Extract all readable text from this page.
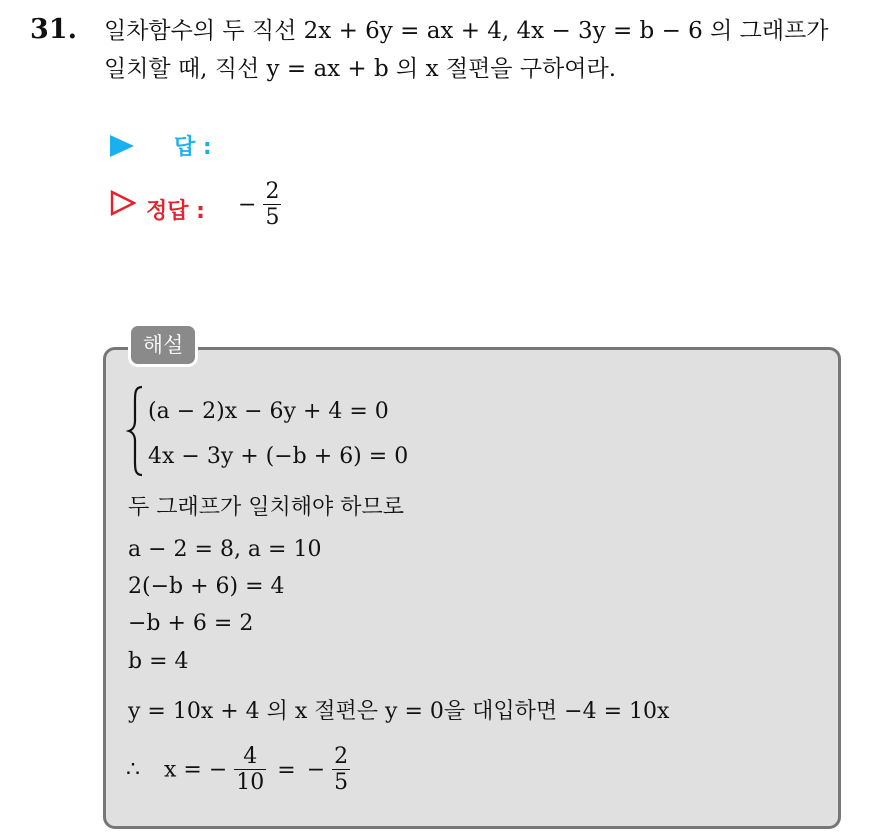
31. 일차함수의 두 직선 2x + 6y = ax + 4, 4x − 3y = b − 6 의 그래프가
일치할 때, 직선 y = ax + b 의 x 절편을 구하여라.
답 :
정답 : − $\frac{2}{5}$
해설
(a − 2)x − 6y + 4 = 0
4x − 3y + (−b + 6) = 0
두 그래프가 일치해야 하므로
a − 2 = 8, a = 10
2(−b + 6) = 4
−b + 6 = 2
b = 4
y = 10x + 4 의 x 절편은 y = 0을 대입하면 −4 = 10x
∴ x = − $\frac{4}{10}$ = − $\frac{2}{5}$
